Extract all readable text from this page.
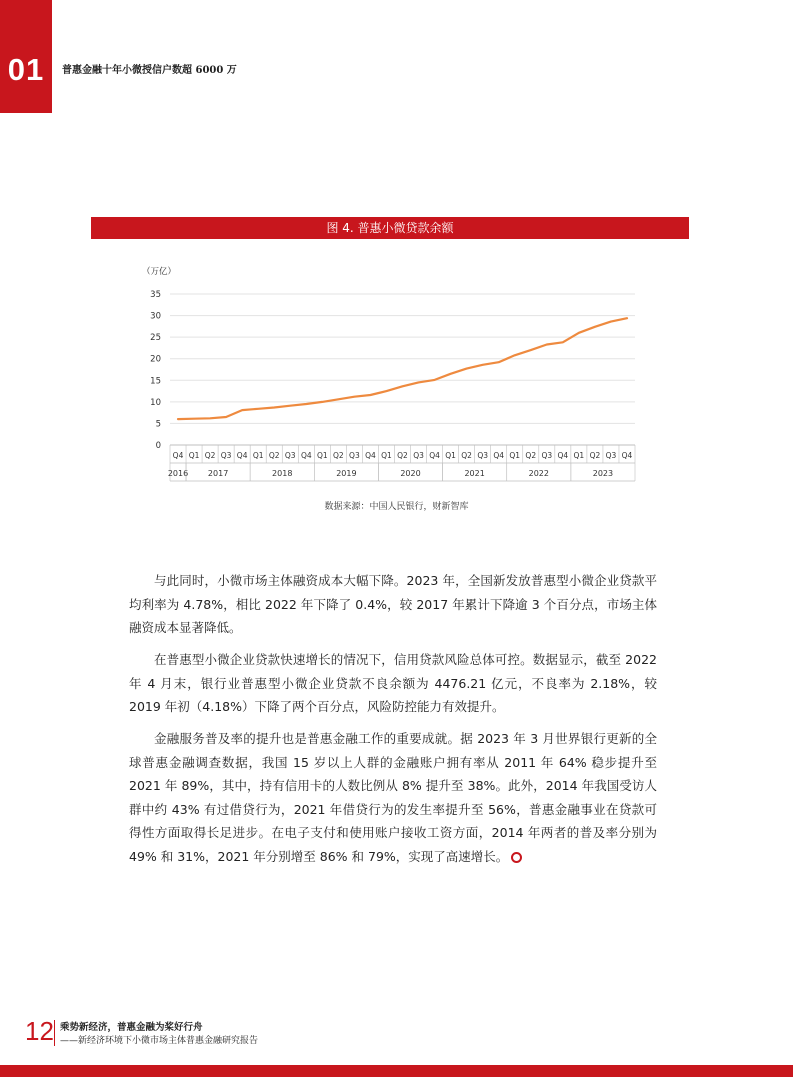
01	普惠金融十年小微授信户数超 6000 万
图 4. 普惠小微贷款余额
（万亿）
0
5
10
15
20
25
30
35
2016 2017	2018	2019	2020	2021	2022	2023
Q4 Q1 Q2 Q3 Q4 Q1 Q2 Q3 Q4 Q1 Q2 Q3 Q4 Q1 Q2 Q3 Q4 Q1 Q2 Q3 Q4 Q1 Q2 Q3 Q4 Q1 Q2 Q3 Q4
数据来源：中国人民银行，财新智库

与此同时，小微市场主体融资成本大幅下降。2023 年，全国新发放普惠型小微企业贷款平均利率为 4.78%，相比 2022 年下降了 0.4%，较 2017 年累计下降逾 3 个百分点，市场主体融资成本显著降低。

在普惠型小微企业贷款快速增长的情况下，信用贷款风险总体可控。数据显示，截至 2022 年 4 月末，银行业普惠型小微企业贷款不良余额为 4476.21 亿元，不良率为 2.18%，较 2019 年初（4.18%）下降了两个百分点，风险防控能力有效提升。

金融服务普及率的提升也是普惠金融工作的重要成就。据 2023 年 3 月世界银行更新的全球普惠金融调查数据，我国 15 岁以上人群的金融账户拥有率从 2011 年 64% 稳步提升至 2021 年 89%，其中，持有信用卡的人数比例从 8% 提升至 38%。此外，2014 年我国受访人群中约 43% 有过借贷行为，2021 年借贷行为的发生率提升至 56%，普惠金融事业在贷款可得性方面取得长足进步。在电子支付和使用账户接收工资方面，2014 年两者的普及率分别为 49% 和 31%，2021 年分别增至 86% 和 79%，实现了高速增长。

12 乘势新经济，普惠金融为桨好行舟
——新经济环境下小微市场主体普惠金融研究报告
